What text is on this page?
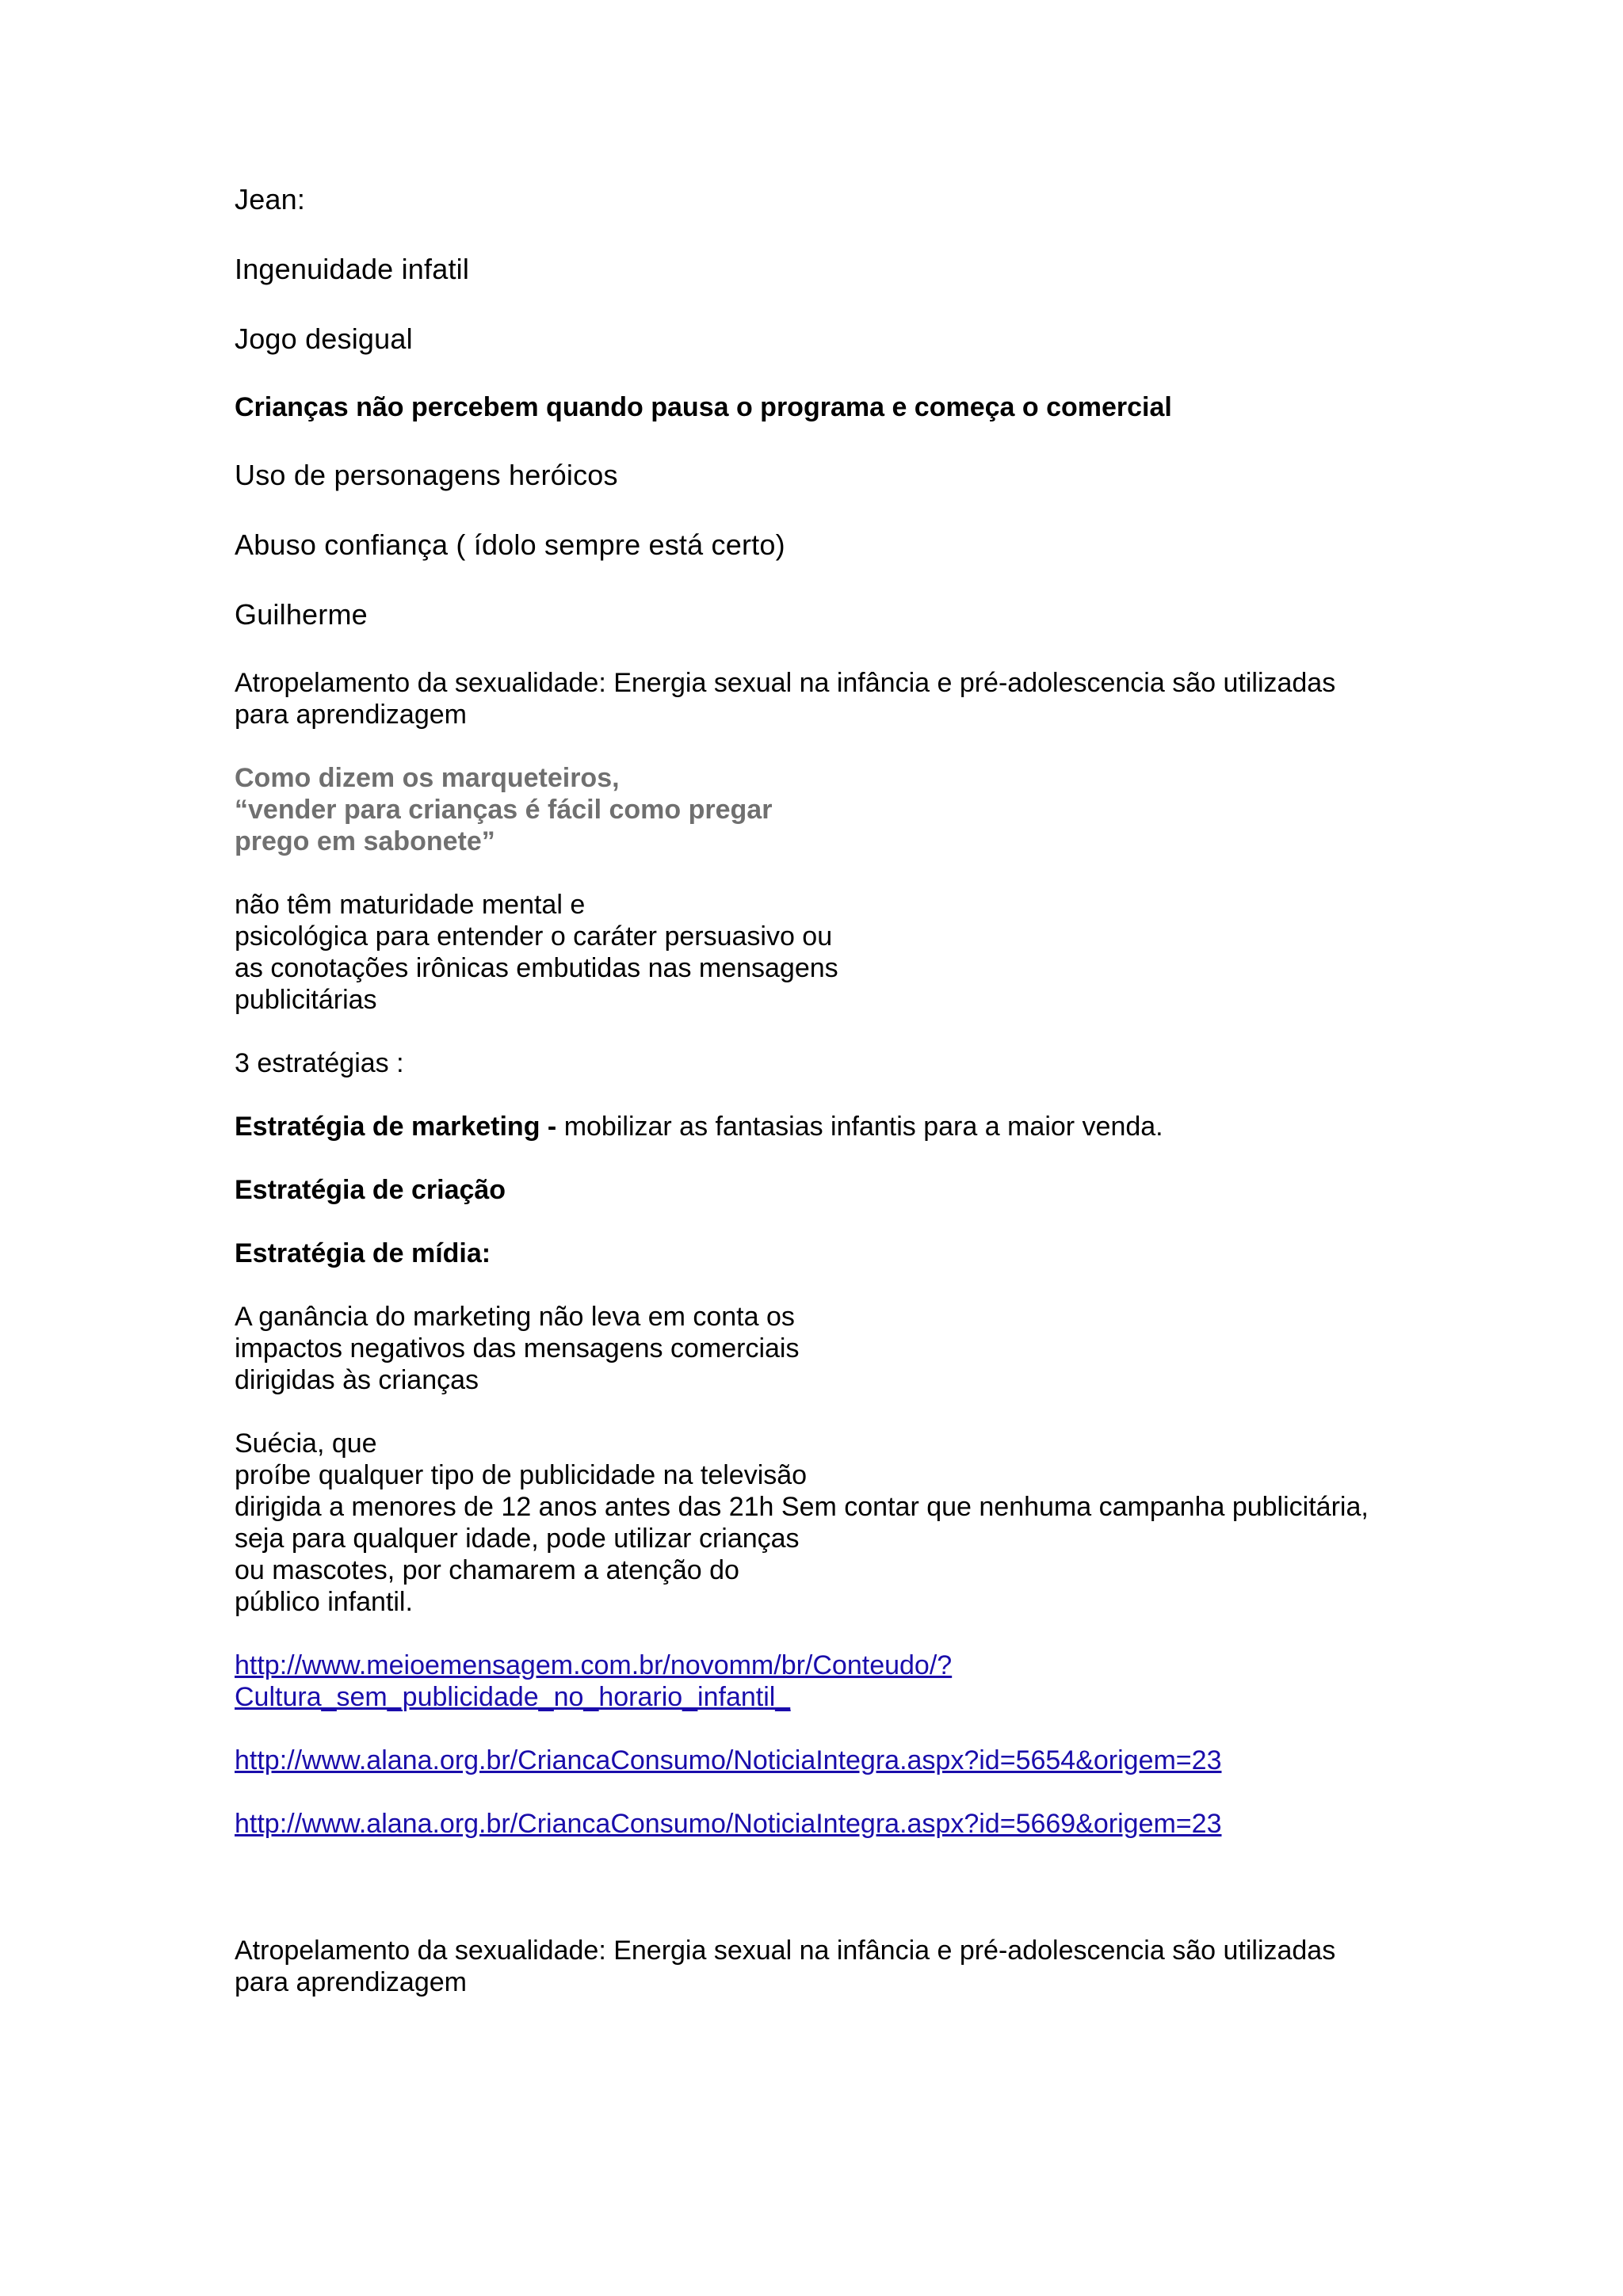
Jean:

Ingenuidade infatil

Jogo desigual

Crianças não percebem quando pausa o programa e começa o comercial

Uso de personagens heróicos

Abuso confiança ( ídolo sempre está certo)

Guilherme

Atropelamento da sexualidade: Energia sexual na infância e pré-adolescencia são utilizadas

para aprendizagem

Como dizem os marqueteiros,

“vender para crianças é fácil como pregar

prego em sabonete”

não têm maturidade mental e

psicológica para entender o caráter persuasivo ou

as conotações irônicas embutidas nas mensagens

publicitárias

3 estratégias :

Estratégia de marketing - mobilizar as fantasias infantis para a maior venda.

Estratégia de criação

Estratégia de mídia:

A ganância do marketing não leva em conta os

impactos negativos das mensagens comerciais

dirigidas às crianças

Suécia, que

proíbe qualquer tipo de publicidade na televisão

dirigida a menores de 12 anos antes das 21h Sem contar que nenhuma campanha publicitária,

seja para qualquer idade, pode utilizar crianças

ou mascotes, por chamarem a atenção do

público infantil.

http://www.meioemensagem.com.br/novomm/br/Conteudo/?

Cultura_sem_publicidade_no_horario_infantil_

http://www.alana.org.br/CriancaConsumo/NoticiaIntegra.aspx?id=5654&origem=23

http://www.alana.org.br/CriancaConsumo/NoticiaIntegra.aspx?id=5669&origem=23

Atropelamento da sexualidade: Energia sexual na infância e pré-adolescencia são utilizadas

para aprendizagem
